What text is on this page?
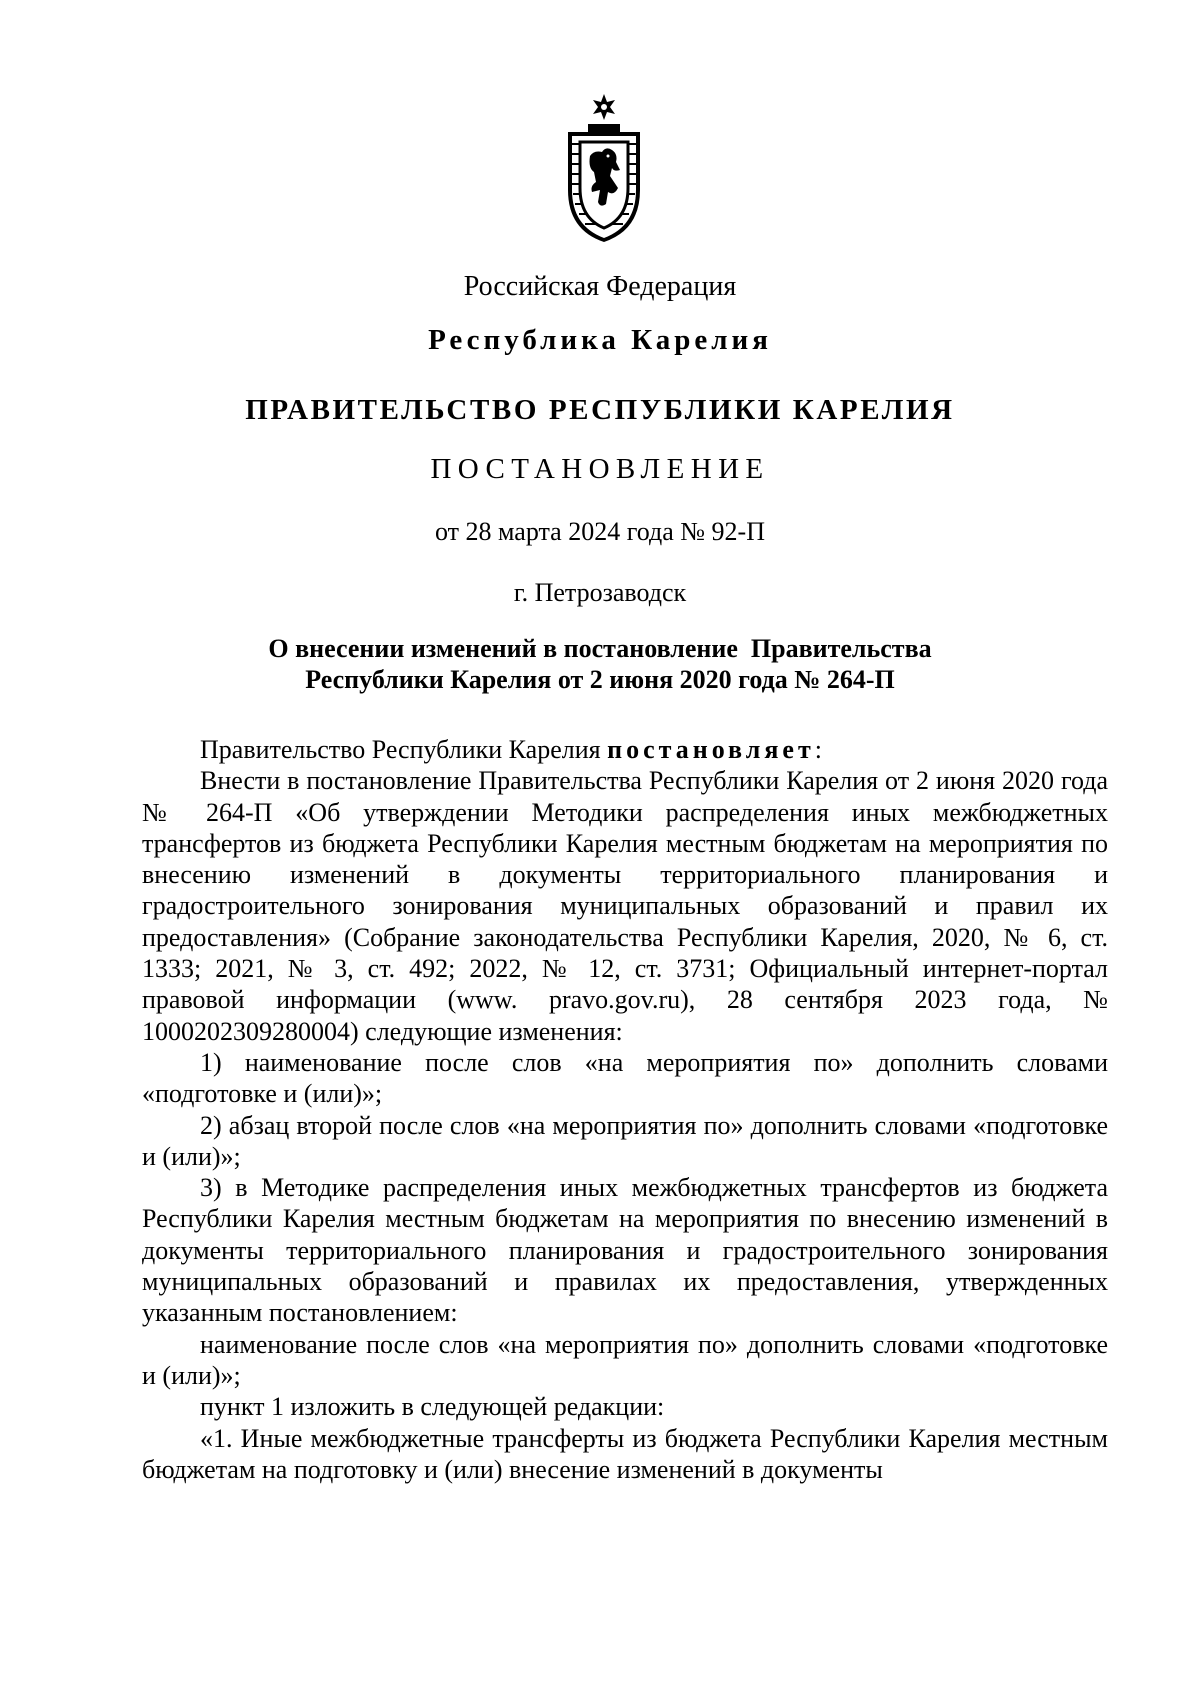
Российская Федерация
Республика Карелия
ПРАВИТЕЛЬСТВО РЕСПУБЛИКИ КАРЕЛИЯ
ПОСТАНОВЛЕНИЕ
от 28 марта 2024 года № 92-П
г. Петрозаводск
О внесении изменений в постановление  Правительства
Республики Карелия от 2 июня 2020 года № 264-П
Правительство Республики Карелия постановляет:
Внести в постановление Правительства Республики Карелия от 2 июня 2020 года № 264-П «Об утверждении Методики распределения иных межбюджетных трансфертов из бюджета Республики Карелия местным бюджетам на мероприятия по внесению изменений в документы территориального планирования и градостроительного зонирования муниципальных образований и правил их предоставления» (Собрание законодательства Республики Карелия, 2020, № 6, ст. 1333; 2021, № 3, ст. 492; 2022, № 12, ст. 3731; Официальный интернет-портал правовой информации (www. pravo.gov.ru), 28 сентября 2023 года, № 1000202309280004) следующие изменения:
1) наименование после слов «на мероприятия по» дополнить словами «подготовке и (или)»;
2) абзац второй после слов «на мероприятия по» дополнить словами «подготовке и (или)»;
3) в Методике распределения иных межбюджетных трансфертов из бюджета Республики Карелия местным бюджетам на мероприятия по внесению изменений в документы территориального планирования и градостроительного зонирования муниципальных образований и правилах их предоставления, утвержденных указанным постановлением:
наименование после слов «на мероприятия по» дополнить словами «подготовке и (или)»;
пункт 1 изложить в следующей редакции:
«1. Иные межбюджетные трансферты из бюджета Республики Карелия местным бюджетам на подготовку и (или) внесение изменений в документы
